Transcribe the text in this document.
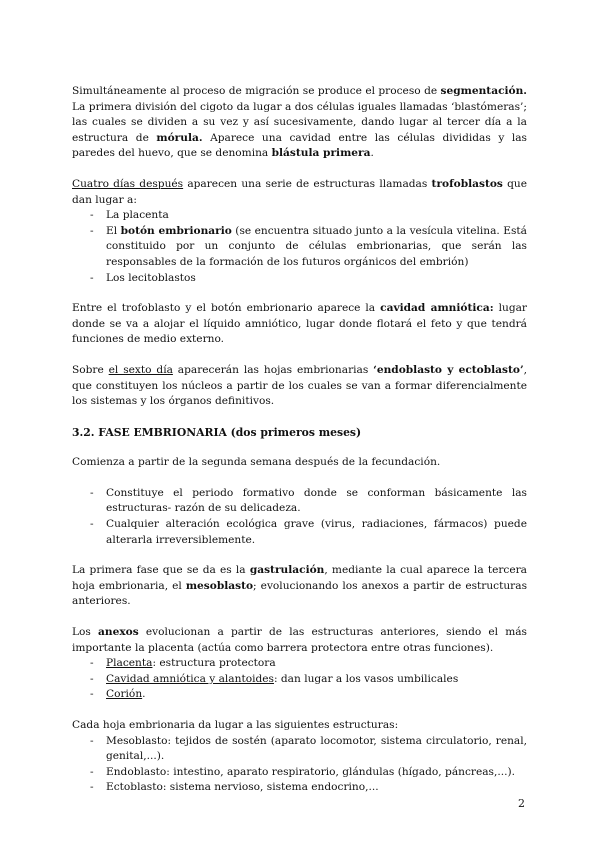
Simultáneamente al proceso de migración se produce el proceso de segmentación. La primera división del cigoto da lugar a dos células iguales llamadas ‘blastómeras’; las cuales se dividen a su vez y así sucesivamente, dando lugar al tercer día a la estructura de mórula. Aparece una cavidad entre las células divididas y las paredes del huevo, que se denomina blástula primera.

Cuatro días después aparecen una serie de estructuras llamadas trofoblastos que dan lugar a:

- La placenta
- El botón embrionario (se encuentra situado junto a la vesícula vitelina. Está constituido por un conjunto de células embrionarias, que serán las responsables de la formación de los futuros orgánicos del embrión)
- Los lecitoblastos

Entre el trofoblasto y el botón embrionario aparece la cavidad amniótica: lugar donde se va a alojar el líquido amniótico, lugar donde flotará el feto y que tendrá funciones de medio externo.

Sobre el sexto día aparecerán las hojas embrionarias ‘endoblasto y ectoblasto’, que constituyen los núcleos a partir de los cuales se van a formar diferencialmente los sistemas y los órganos definitivos.

3.2. FASE EMBRIONARIA (dos primeros meses)

Comienza a partir de la segunda semana después de la fecundación.

- Constituye el periodo formativo donde se conforman básicamente las estructuras- razón de su delicadeza.
- Cualquier alteración ecológica grave (virus, radiaciones, fármacos) puede alterarla irreversiblemente.

La primera fase que se da es la gastrulación, mediante la cual aparece la tercera hoja embrionaria, el mesoblasto; evolucionando los anexos a partir de estructuras anteriores.

Los anexos evolucionan a partir de las estructuras anteriores, siendo el más importante la placenta (actúa como barrera protectora entre otras funciones).

- Placenta: estructura protectora
- Cavidad amniótica y alantoides: dan lugar a los vasos umbilicales
- Corión.

Cada hoja embrionaria da lugar a las siguientes estructuras:

- Mesoblasto: tejidos de sostén (aparato locomotor, sistema circulatorio, renal, genital,...).
- Endoblasto: intestino, aparato respiratorio, glándulas (hígado, páncreas,...).
- Ectoblasto: sistema nervioso, sistema endocrino,...
2
